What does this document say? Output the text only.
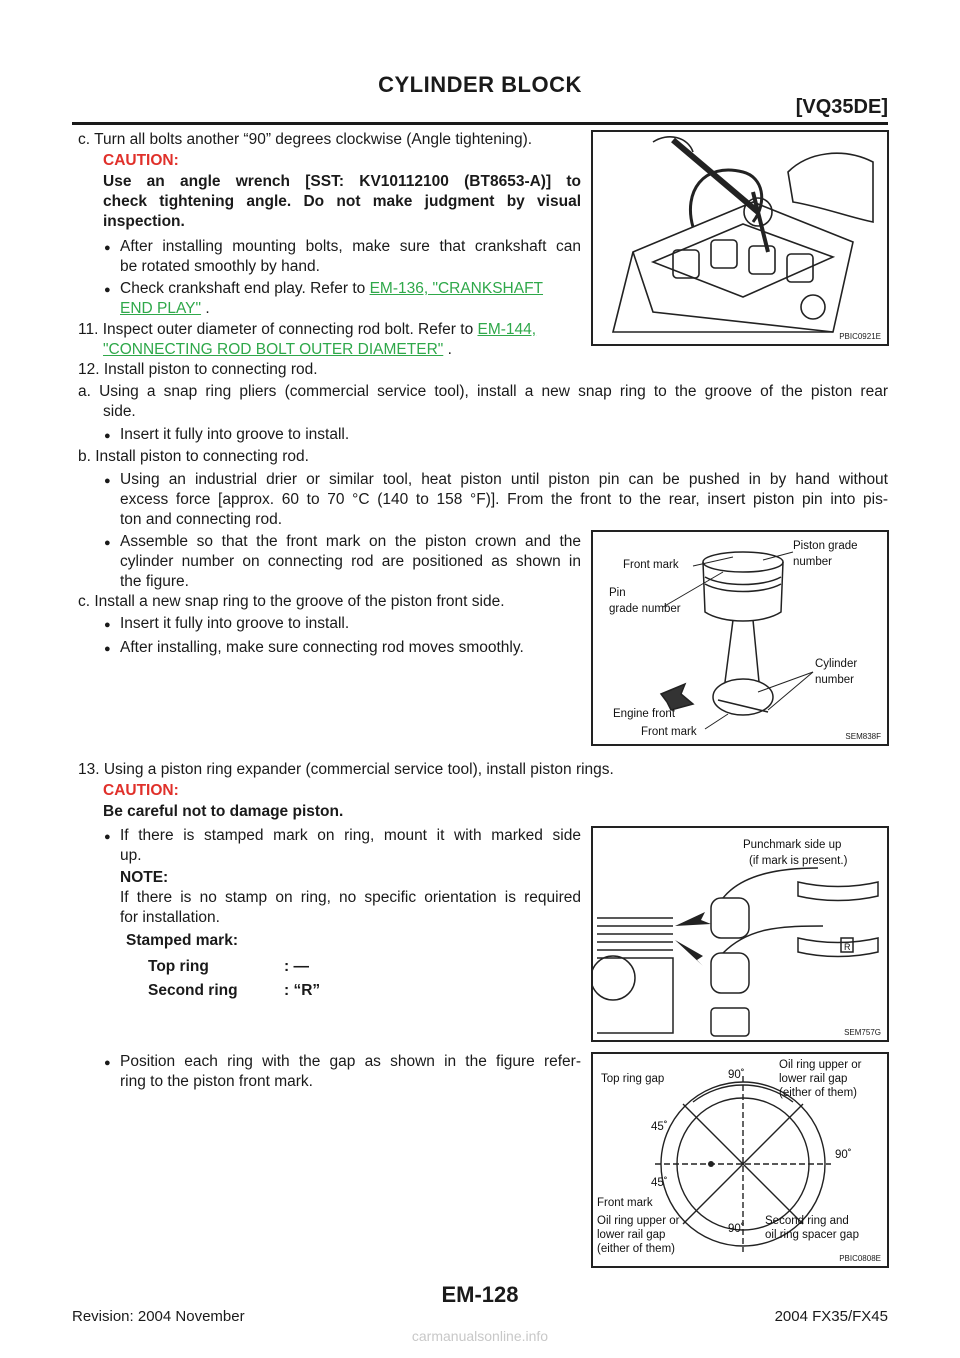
CYLINDER BLOCK
[VQ35DE]
c. Turn all bolts another “90” degrees clockwise (Angle tightening).
CAUTION:
Use an angle wrench [SST: KV10112100 (BT8653-A)] to
check tightening angle. Do not make judgment by visual
inspection.
● After installing mounting bolts, make sure that crankshaft can
be rotated smoothly by hand.
● Check crankshaft end play. Refer to EM-136, "CRANKSHAFT
END PLAY" .
11. Inspect outer diameter of connecting rod bolt. Refer to EM-144,
"CONNECTING ROD BOLT OUTER DIAMETER" .
12. Install piston to connecting rod.
a. Using a snap ring pliers (commercial service tool), install a new snap ring to the groove of the piston rear
side.
● Insert it fully into groove to install.
b. Install piston to connecting rod.
● Using an industrial drier or similar tool, heat piston until piston pin can be pushed in by hand without
excess force [approx. 60 to 70 °C (140 to 158 °F)]. From the front to the rear, insert piston pin into pis-
ton and connecting rod.
● Assemble so that the front mark on the piston crown and the
cylinder number on connecting rod are positioned as shown in
the figure.
c. Install a new snap ring to the groove of the piston front side.
● Insert it fully into groove to install.
● After installing, make sure connecting rod moves smoothly.
13. Using a piston ring expander (commercial service tool), install piston rings.
CAUTION:
Be careful not to damage piston.
● If there is stamped mark on ring, mount it with marked side
up.
NOTE:
If there is no stamp on ring, no specific orientation is required
for installation.
Stamped mark:
Top ring	: —
Second ring	: “R”
● Position each ring with the gap as shown in the figure refer-
ring to the piston front mark.
PBIC0921E
Front mark
Piston grade
number
Pin
grade number
Cylinder
number
Engine front
Front mark	SEM838F
Punchmark side up
(if mark is present.)
R
SEM757G
Top ring gap	90˚
45˚
45˚
90˚
90˚
Front mark
Oil ring upper or
lower rail gap
(either of them)
Oil ring upper or
lower rail gap
(either of them)
Second ring and
oil ring spacer gap
PBIC0808E
EM-128
Revision: 2004 November	2004 FX35/FX45
carmanualsonline.info
